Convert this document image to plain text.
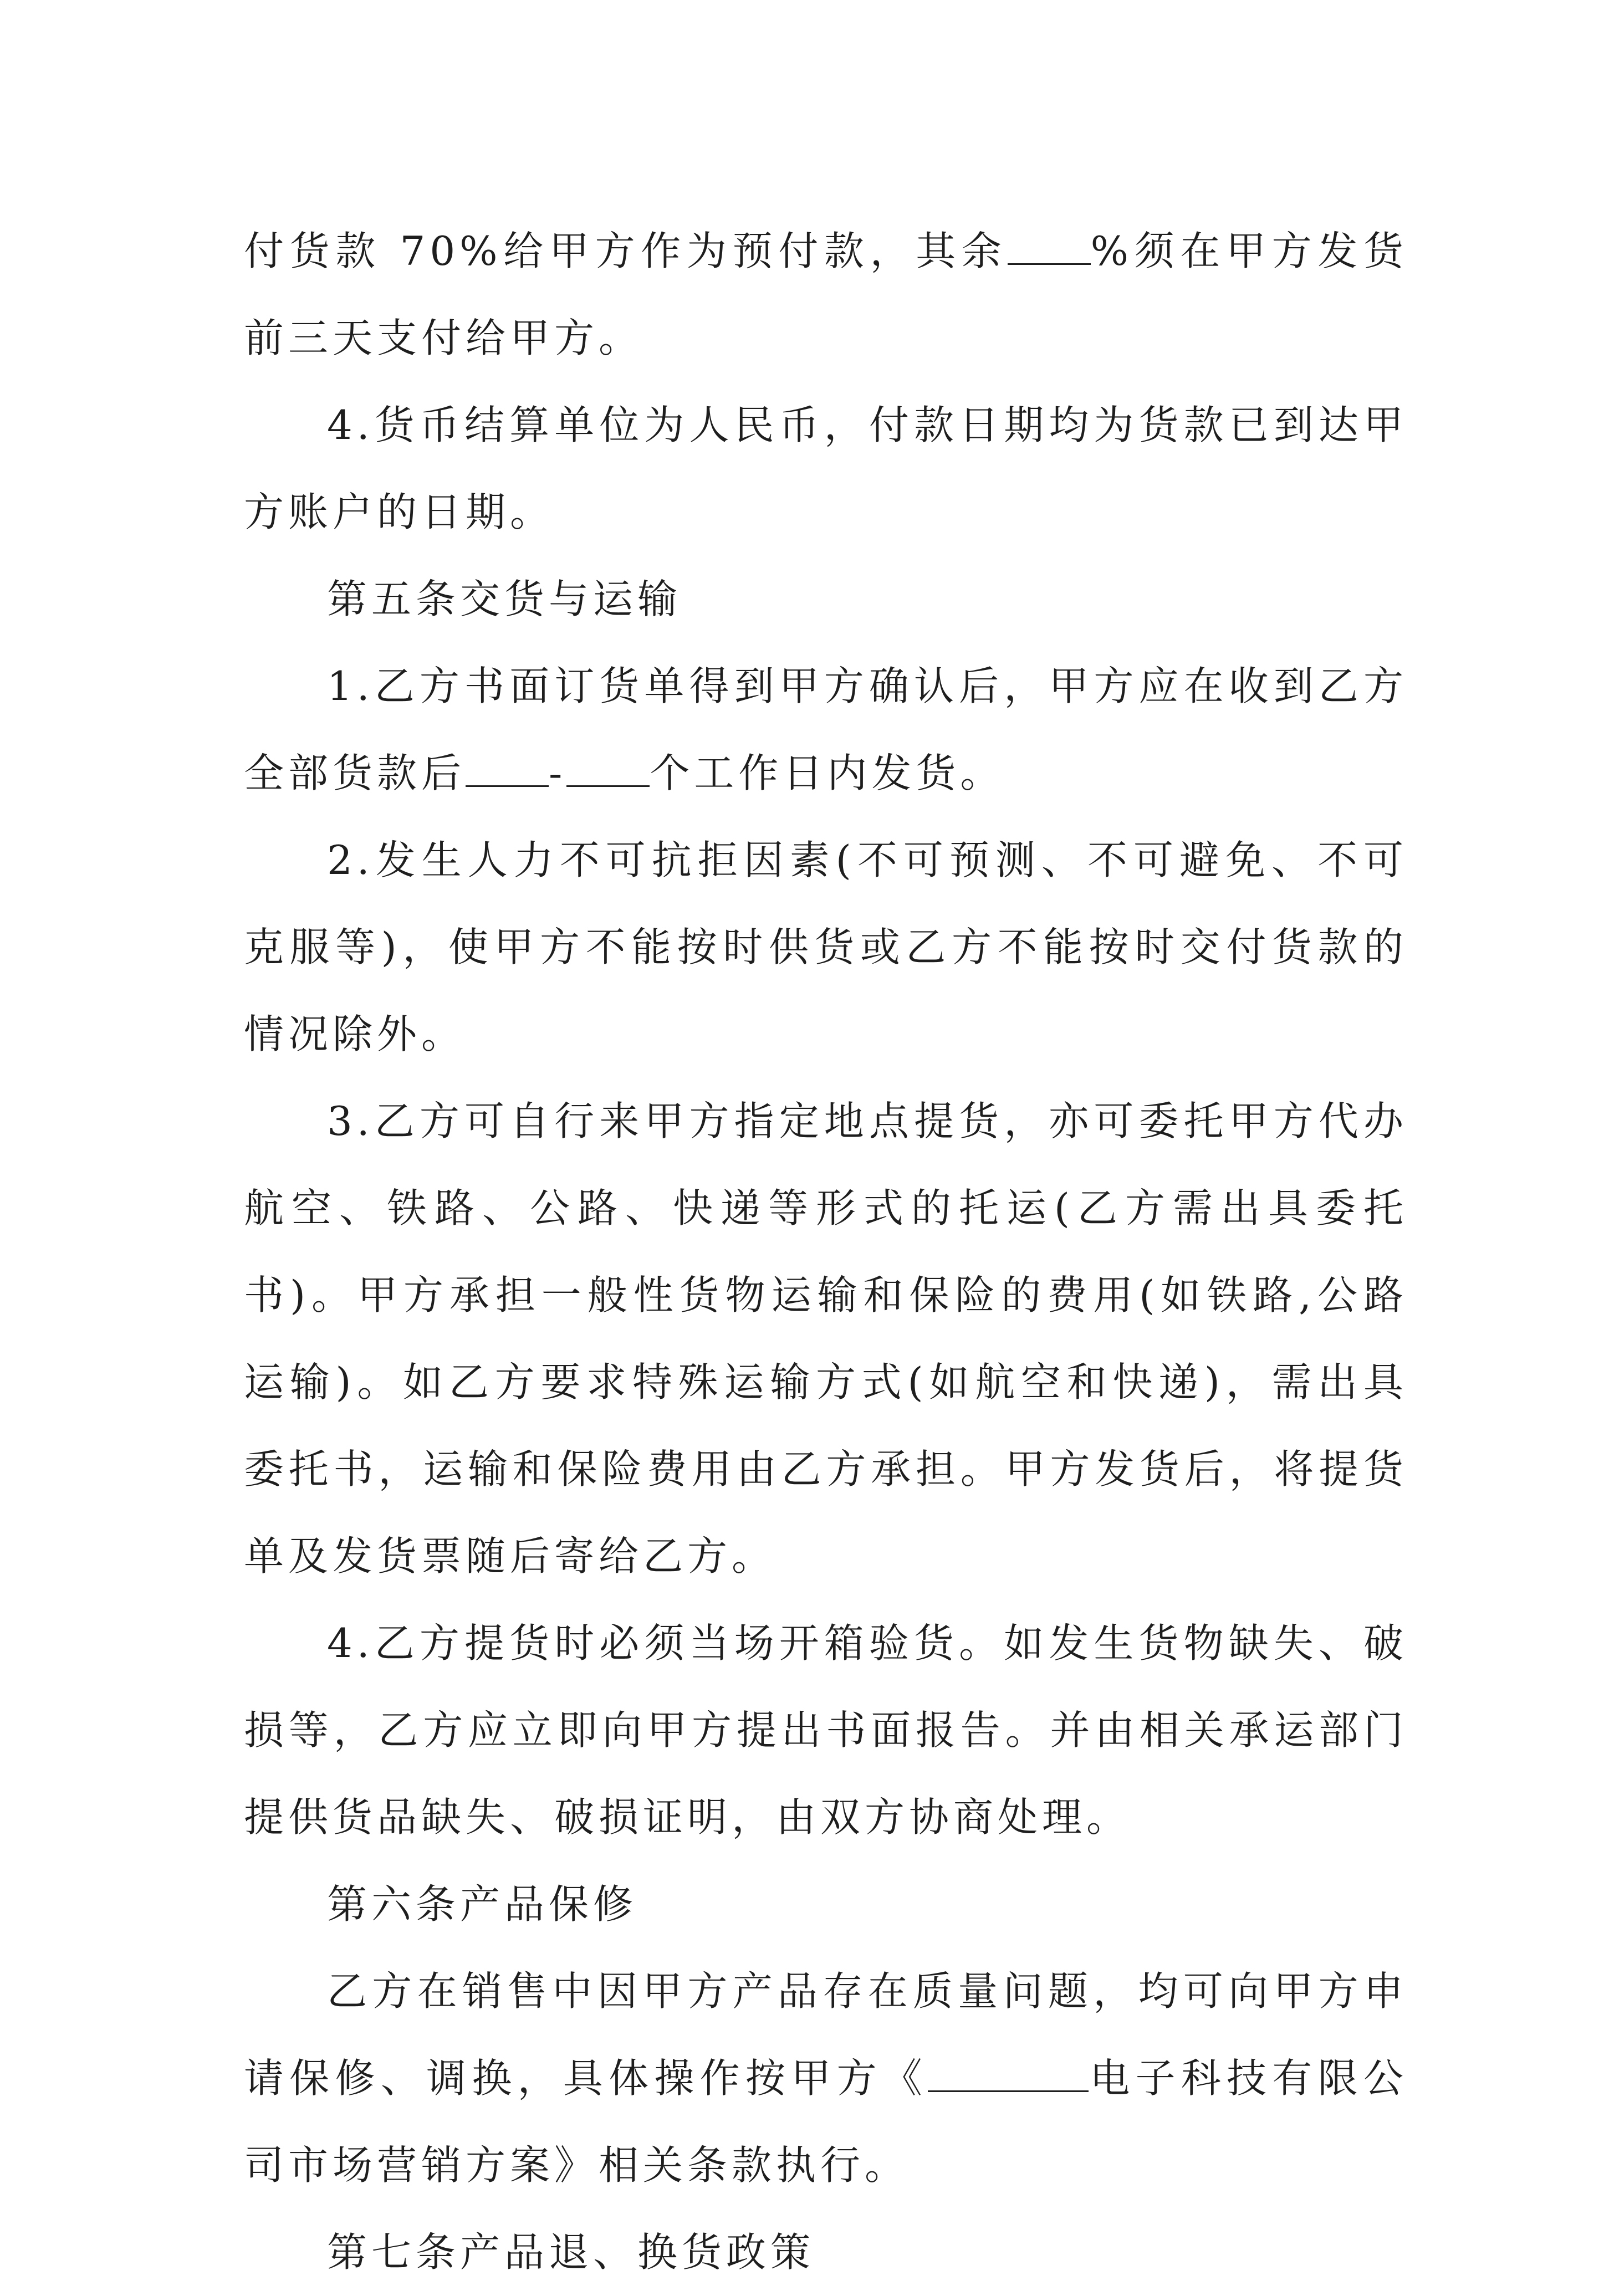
付货款 70%给甲方作为预付款，其余 %须在甲方发货前三天支付给甲方。

4.货币结算单位为人民币，付款日期均为货款已到达甲方账户的日期。

第五条交货与运输

1.乙方书面订货单得到甲方确认后，甲方应在收到乙方全部货款后 - 个工作日内发货。

2.发生人力不可抗拒因素(不可预测、不可避免、不可克服等)，使甲方不能按时供货或乙方不能按时交付货款的情况除外。

3.乙方可自行来甲方指定地点提货，亦可委托甲方代办航空、铁路、公路、快递等形式的托运(乙方需出具委托书)。甲方承担一般性货物运输和保险的费用(如铁路,公路运输)。如乙方要求特殊运输方式(如航空和快递)，需出具委托书，运输和保险费用由乙方承担。甲方发货后，将提货单及发货票随后寄给乙方。

4.乙方提货时必须当场开箱验货。如发生货物缺失、破损等，乙方应立即向甲方提出书面报告。并由相关承运部门提供货品缺失、破损证明，由双方协商处理。

第六条产品保修

乙方在销售中因甲方产品存在质量问题，均可向甲方申请保修、调换，具体操作按甲方《	电子科技有限公司市场营销方案》相关条款执行。

第七条产品退、换货政策
